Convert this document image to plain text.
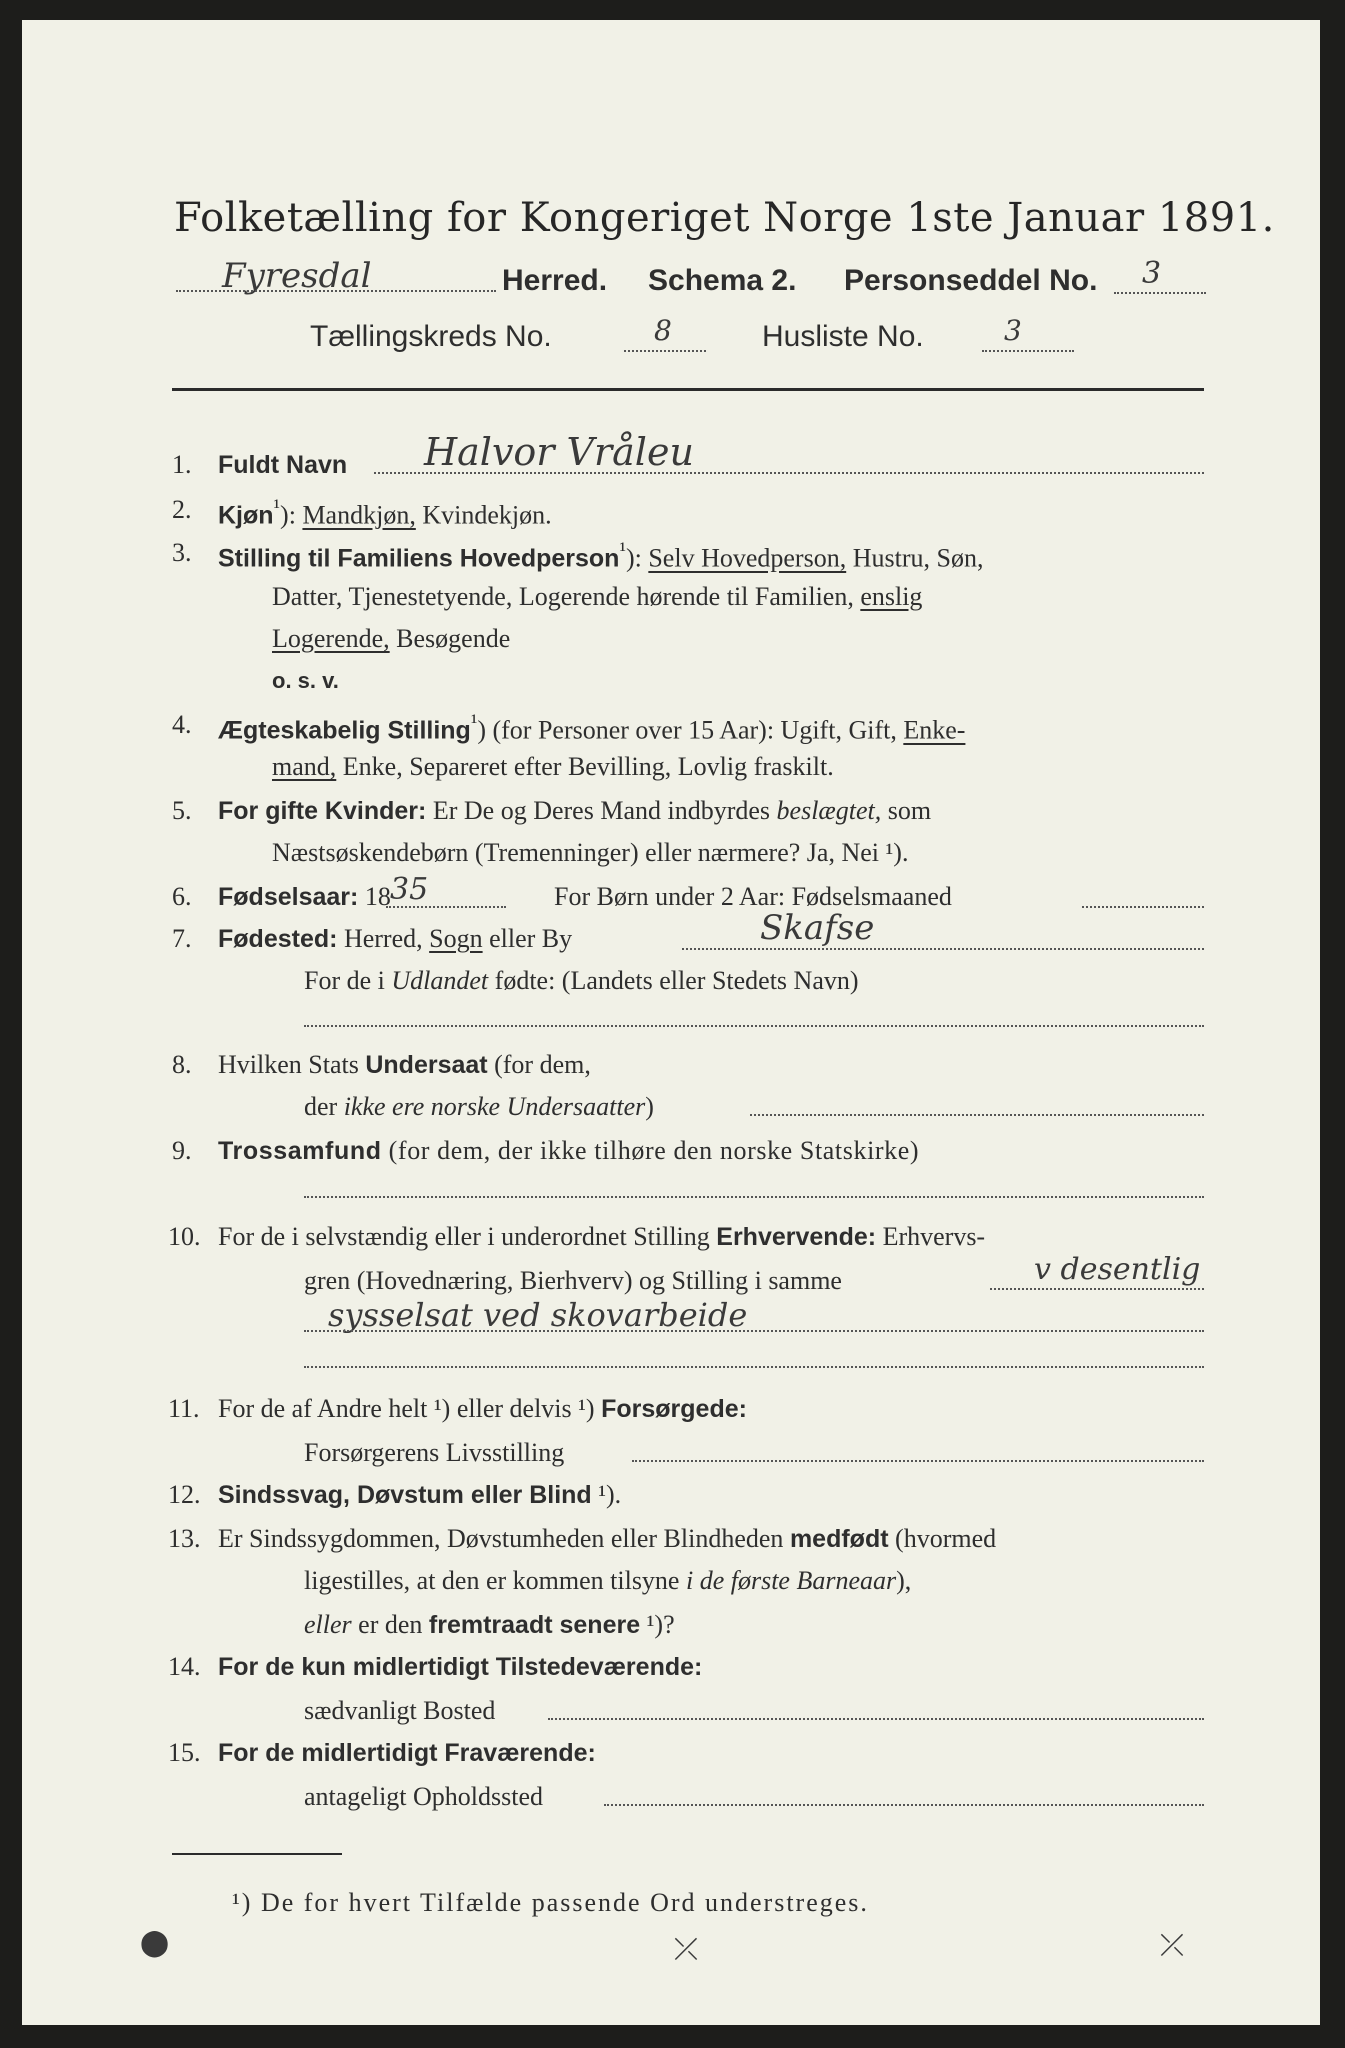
Folketælling for Kongeriget Norge 1ste Januar 1891.
Fyresdal	Herred. Schema 2. Personseddel No. 3
Tællingskreds No.	8	Husliste No.	3
1. Fuldt Navn Halvor Vråleu
2. Kjøn$^{^1}$): Mandkjøn, Kvindekjøn.
3. Stilling til Familiens Hovedperson$^{^1}$): Selv Hovedperson, Hustru, Søn,
Datter, Tjenestetyende, Logerende hørende til Familien, enslig
Logerende, Besøgende
o. s. v.
4. Ægteskabelig Stilling$^{^1}$) (for Personer over 15 Aar): Ugift, Gift, Enke-
mand, Enke, Separeret efter Bevilling, Lovlig fraskilt.
5. For gifte Kvinder: Er De og Deres Mand indbyrdes beslægtet, som
Næstsøskendebørn (Tremenninger) eller nærmere? Ja, Nei ¹).
6. Fødselsaar: 18 35	For Børn under 2 Aar: Fødselsmaaned
7. Fødested: Herred, Sogn eller By	Skafse
For de i Udlandet fødte: (Landets eller Stedets Navn)
8. Hvilken Stats Undersaat (for dem,
der ikke ere norske Undersaatter)
9. Trossamfund (for dem, der ikke tilhøre den norske Statskirke)
10. For de i selvstændig eller i underordnet Stilling Erhvervende: Erhvervs-
gren (Hovednæring, Bierhverv) og Stilling i samme	v desentlig
sysselsat ved skovarbeide
11. For de af Andre helt ¹) eller delvis ¹) Forsørgede:
Forsørgerens Livsstilling
12. Sindssvag, Døvstum eller Blind ¹).
13. Er Sindssygdommen, Døvstumheden eller Blindheden medfødt (hvormed
ligestilles, at den er kommen tilsyne i de første Barneaar),
eller er den fremtraadt senere ¹)?
14. For de kun midlertidigt Tilstedeværende:
sædvanligt Bosted
15. For de midlertidigt Fraværende:
antageligt Opholdssted
¹) De for hvert Tilfælde passende Ord understreges.
⬤	⤫	⤫
